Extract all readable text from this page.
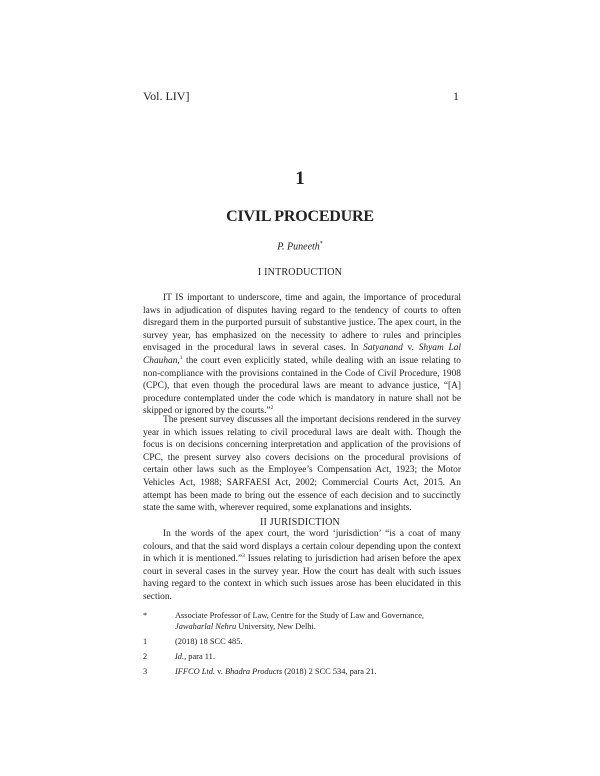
Vol. LIV]	1
1
CIVIL PROCEDURE
P. Puneeth*
I INTRODUCTION

IT IS important to underscore, time and again, the importance of procedural laws in adjudication of disputes having regard to the tendency of courts to often disregard them in the purported pursuit of substantive justice. The apex court, in the survey year, has emphasized on the necessity to adhere to rules and principles envisaged in the procedural laws in several cases. In Satyanand v. Shyam Lal Chauhan,$^1$ the court even explicitly stated, while dealing with an issue relating to non-compliance with the provisions contained in the Code of Civil Procedure, 1908 (CPC), that even though the procedural laws are meant to advance justice, “[A] procedure contemplated under the code which is mandatory in nature shall not be skipped or ignored by the courts.”$^2$

The present survey discusses all the important decisions rendered in the survey year in which issues relating to civil procedural laws are dealt with. Though the focus is on decisions concerning interpretation and application of the provisions of CPC, the present survey also covers decisions on the procedural provisions of certain other laws such as the Employee’s Compensation Act, 1923; the Motor Vehicles Act, 1988; SARFAESI Act, 2002; Commercial Courts Act, 2015. An attempt has been made to bring out the essence of each decision and to succinctly state the same with, wherever required, some explanations and insights.

II JURISDICTION

In the words of the apex court, the word ‘jurisdiction’ “is a coat of many colours, and that the said word displays a certain colour depending upon the context in which it is mentioned.”$^3$ Issues relating to jurisdiction had arisen before the apex court in several cases in the survey year. How the court has dealt with such issues having regard to the context in which such issues arose has been elucidated in this section.

*	Associate Professor of Law, Centre for the Study of Law and Governance, Jawaharlal Nehru University, New Delhi.
1	(2018) 18 SCC 485.
2	Id., para 11.
3	IFFCO Ltd. v. Bhadra Products (2018) 2 SCC 534, para 21.
